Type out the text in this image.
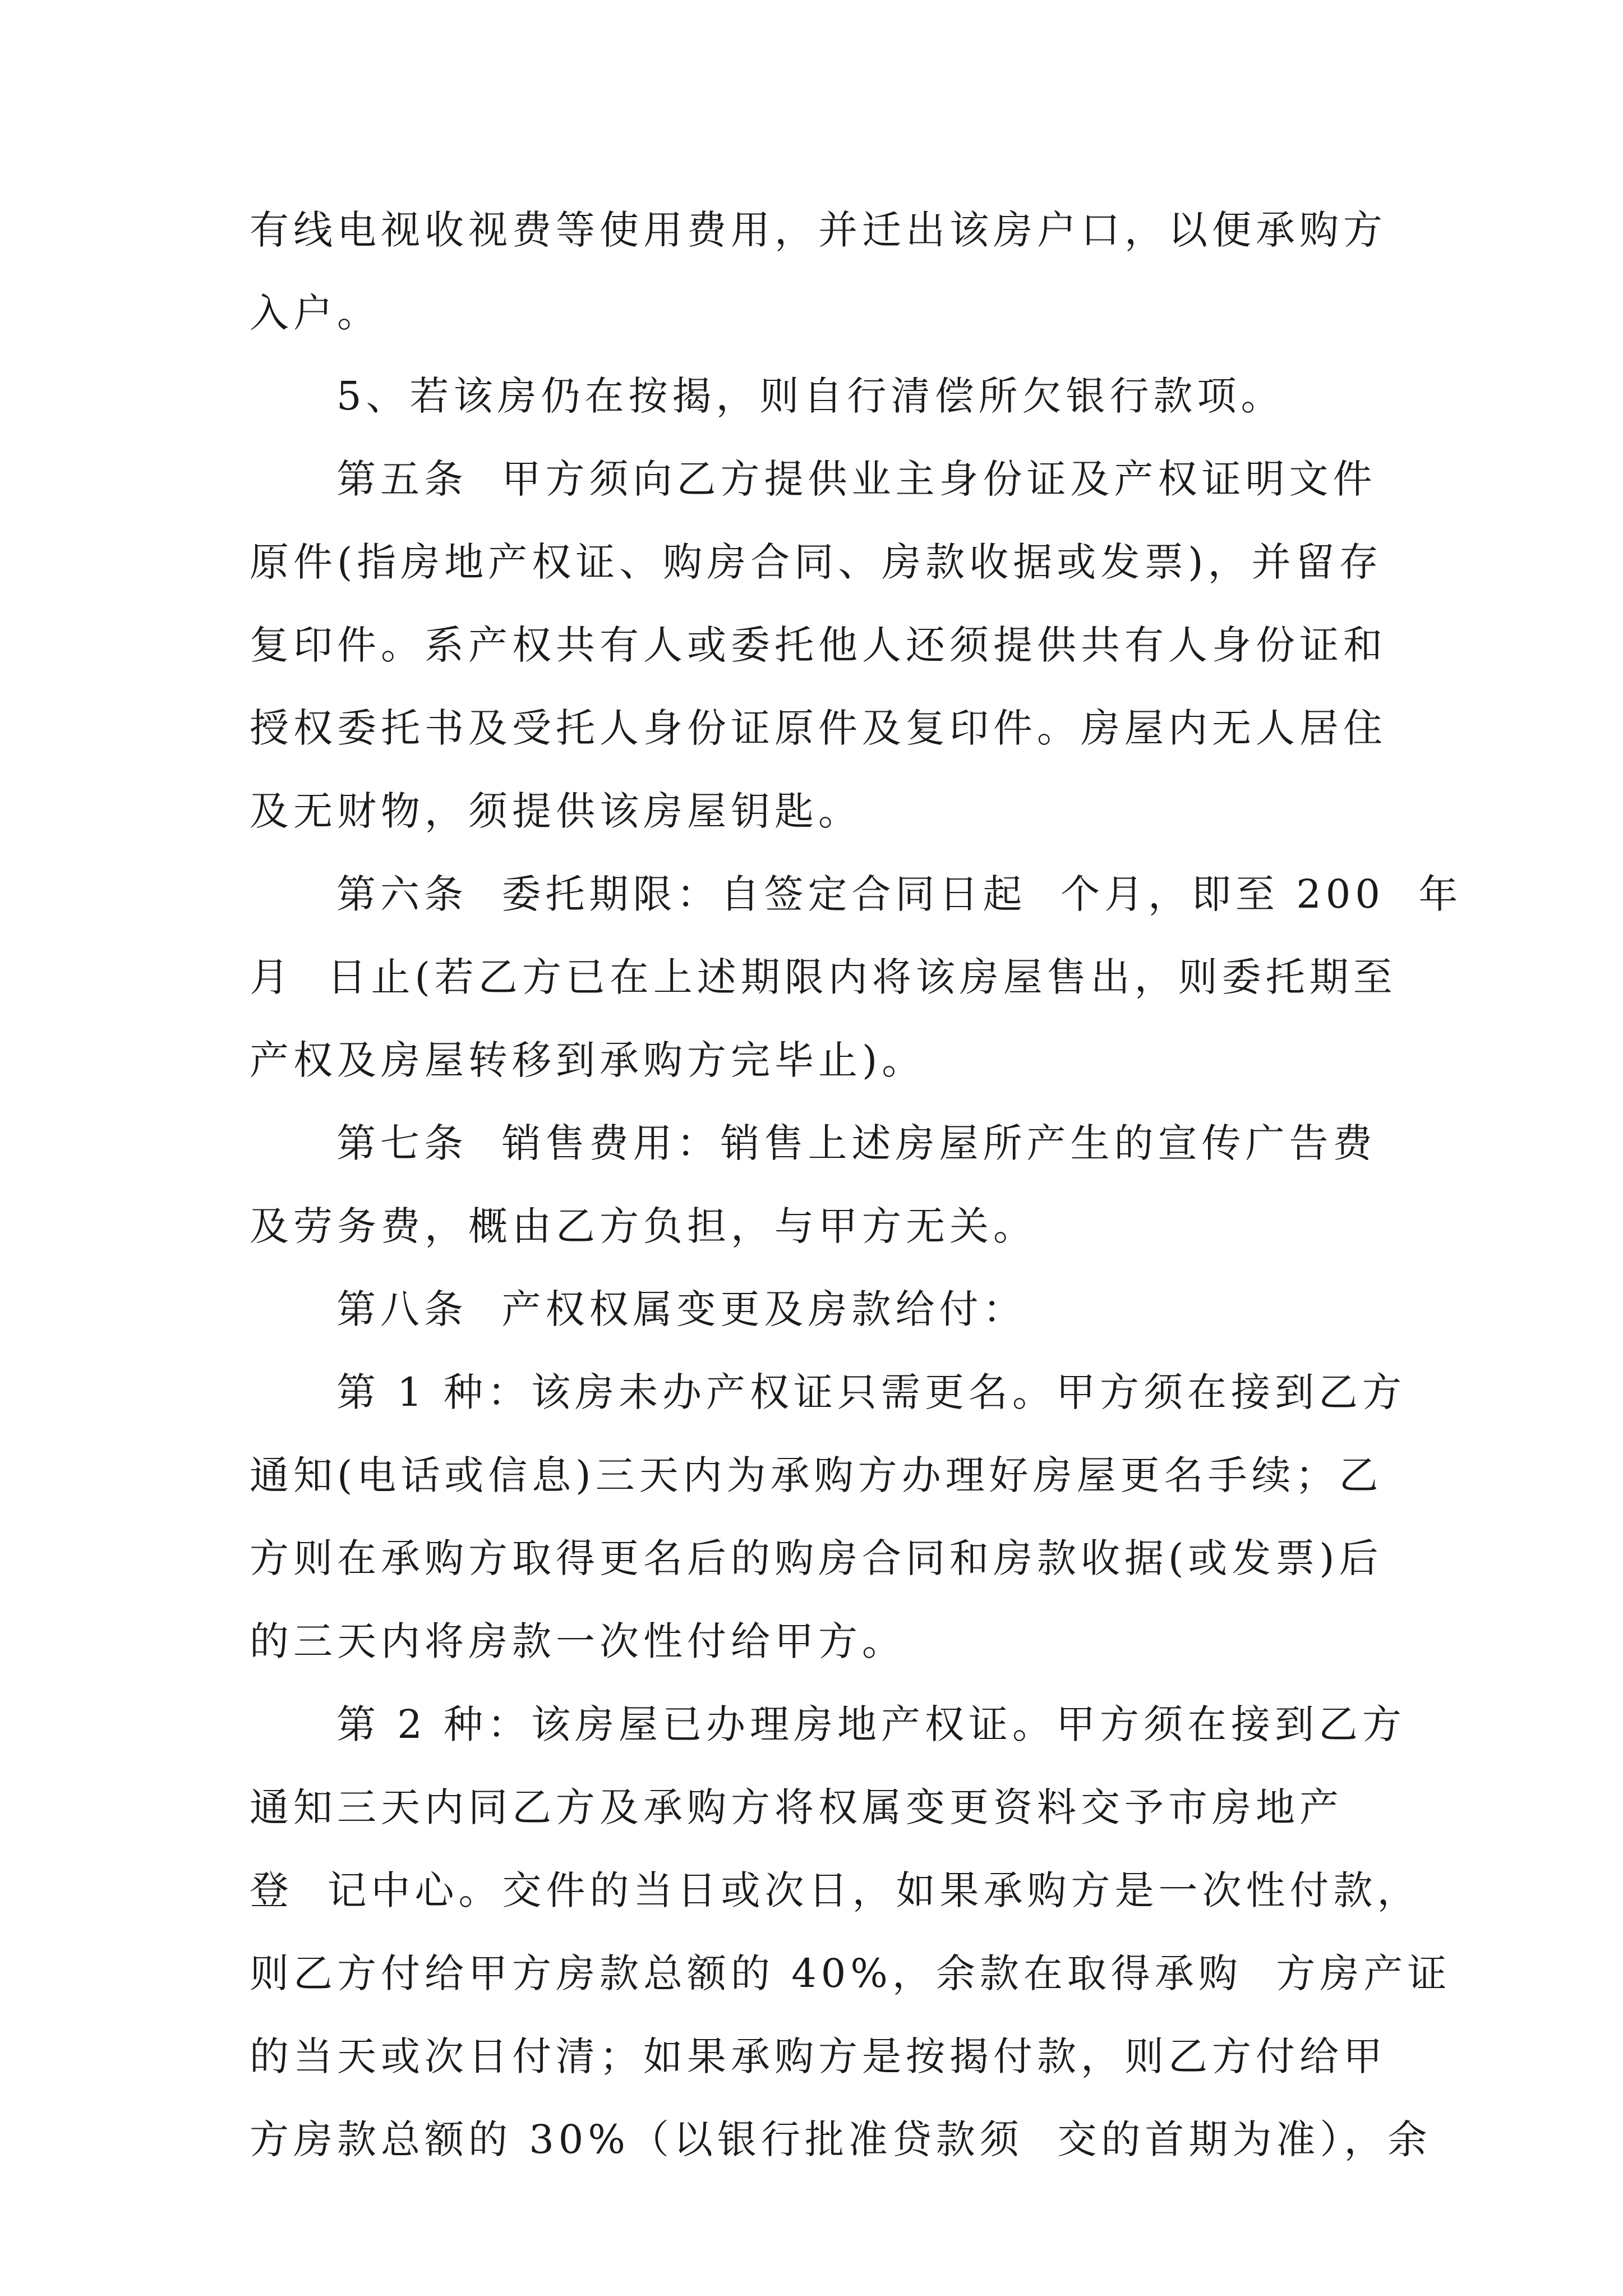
有线电视收视费等使用费用，并迁出该房户口，以便承购方
入户。
5、若该房仍在按揭，则自行清偿所欠银行款项。
第五条  甲方须向乙方提供业主身份证及产权证明文件
原件(指房地产权证、购房合同、房款收据或发票)，并留存
复印件。系产权共有人或委托他人还须提供共有人身份证和
授权委托书及受托人身份证原件及复印件。房屋内无人居住
及无财物，须提供该房屋钥匙。
第六条  委托期限：自签定合同日起  个月，即至 200  年
月  日止(若乙方已在上述期限内将该房屋售出，则委托期至
产权及房屋转移到承购方完毕止)。
第七条  销售费用：销售上述房屋所产生的宣传广告费
及劳务费，概由乙方负担，与甲方无关。
第八条  产权权属变更及房款给付：
第 1 种：该房未办产权证只需更名。甲方须在接到乙方
通知(电话或信息)三天内为承购方办理好房屋更名手续；乙
方则在承购方取得更名后的购房合同和房款收据(或发票)后
的三天内将房款一次性付给甲方。
第 2 种：该房屋已办理房地产权证。甲方须在接到乙方
通知三天内同乙方及承购方将权属变更资料交予市房地产
登  记中心。交件的当日或次日，如果承购方是一次性付款，
则乙方付给甲方房款总额的 40%，余款在取得承购  方房产证
的当天或次日付清；如果承购方是按揭付款，则乙方付给甲
方房款总额的 30%（以银行批准贷款须  交的首期为准），余
